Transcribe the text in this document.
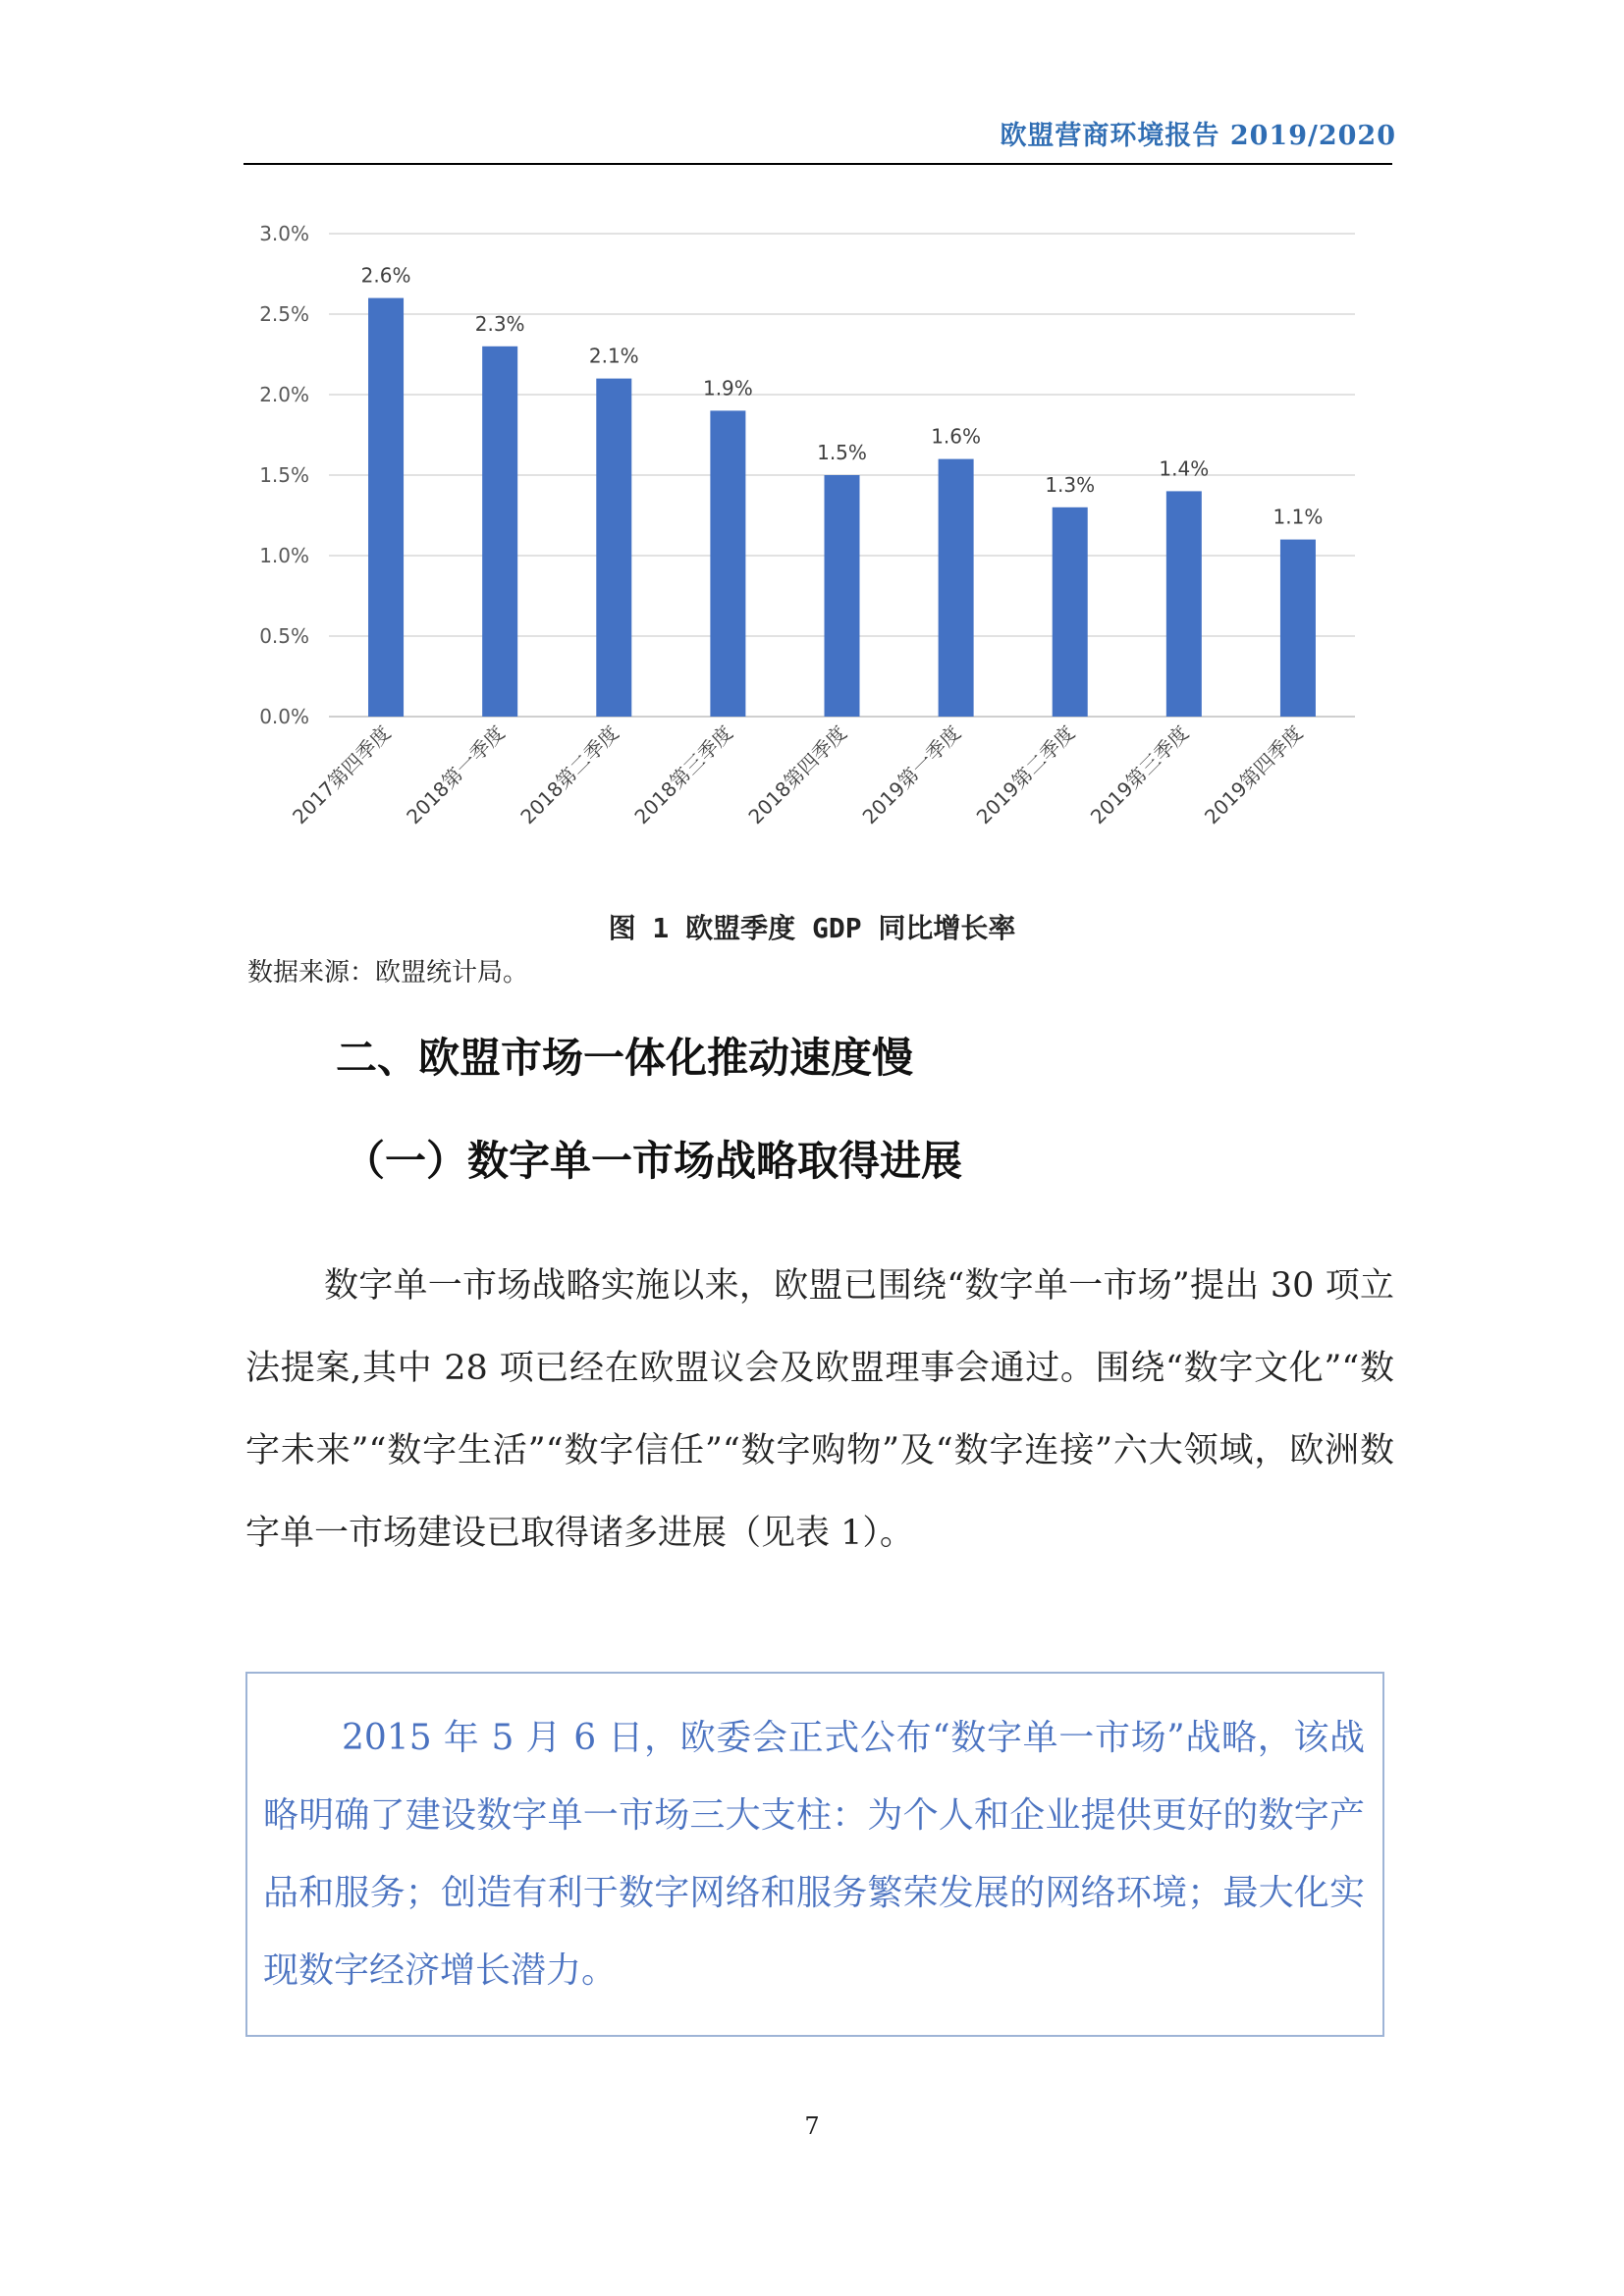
欧盟营商环境报告 2019/2020
0.0%
0.5%
1.0%
1.5%
2.0%
2.5%
3.0%
2.6%
2.3%
2.1%
1.9%
1.5%
1.6%
1.3%
1.4%
1.1%
2017第四季度 2018第一季度 2018第二季度 2018第三季度 2018第四季度 2019第一季度 2019第二季度 2019第三季度 2019第四季度
图 1 欧盟季度 GDP 同比增长率
数据来源：欧盟统计局。
二、欧盟市场一体化推动速度慢
（一）数字单一市场战略取得进展

数字单一市场战略实施以来，欧盟已围绕“数字单一市场”提出 30 项立法提案,其中 28 项已经在欧盟议会及欧盟理事会通过。围绕“数字文化”“数字未来”“数字生活”“数字信任”“数字购物”及“数字连接”六大领域，欧洲数字单一市场建设已取得诸多进展（见表 1）。

2015 年 5 月 6 日，欧委会正式公布“数字单一市场”战略，该战略明确了建设数字单一市场三大支柱：为个人和企业提供更好的数字产品和服务；创造有利于数字网络和服务繁荣发展的网络环境；最大化实现数字经济增长潜力。

7
